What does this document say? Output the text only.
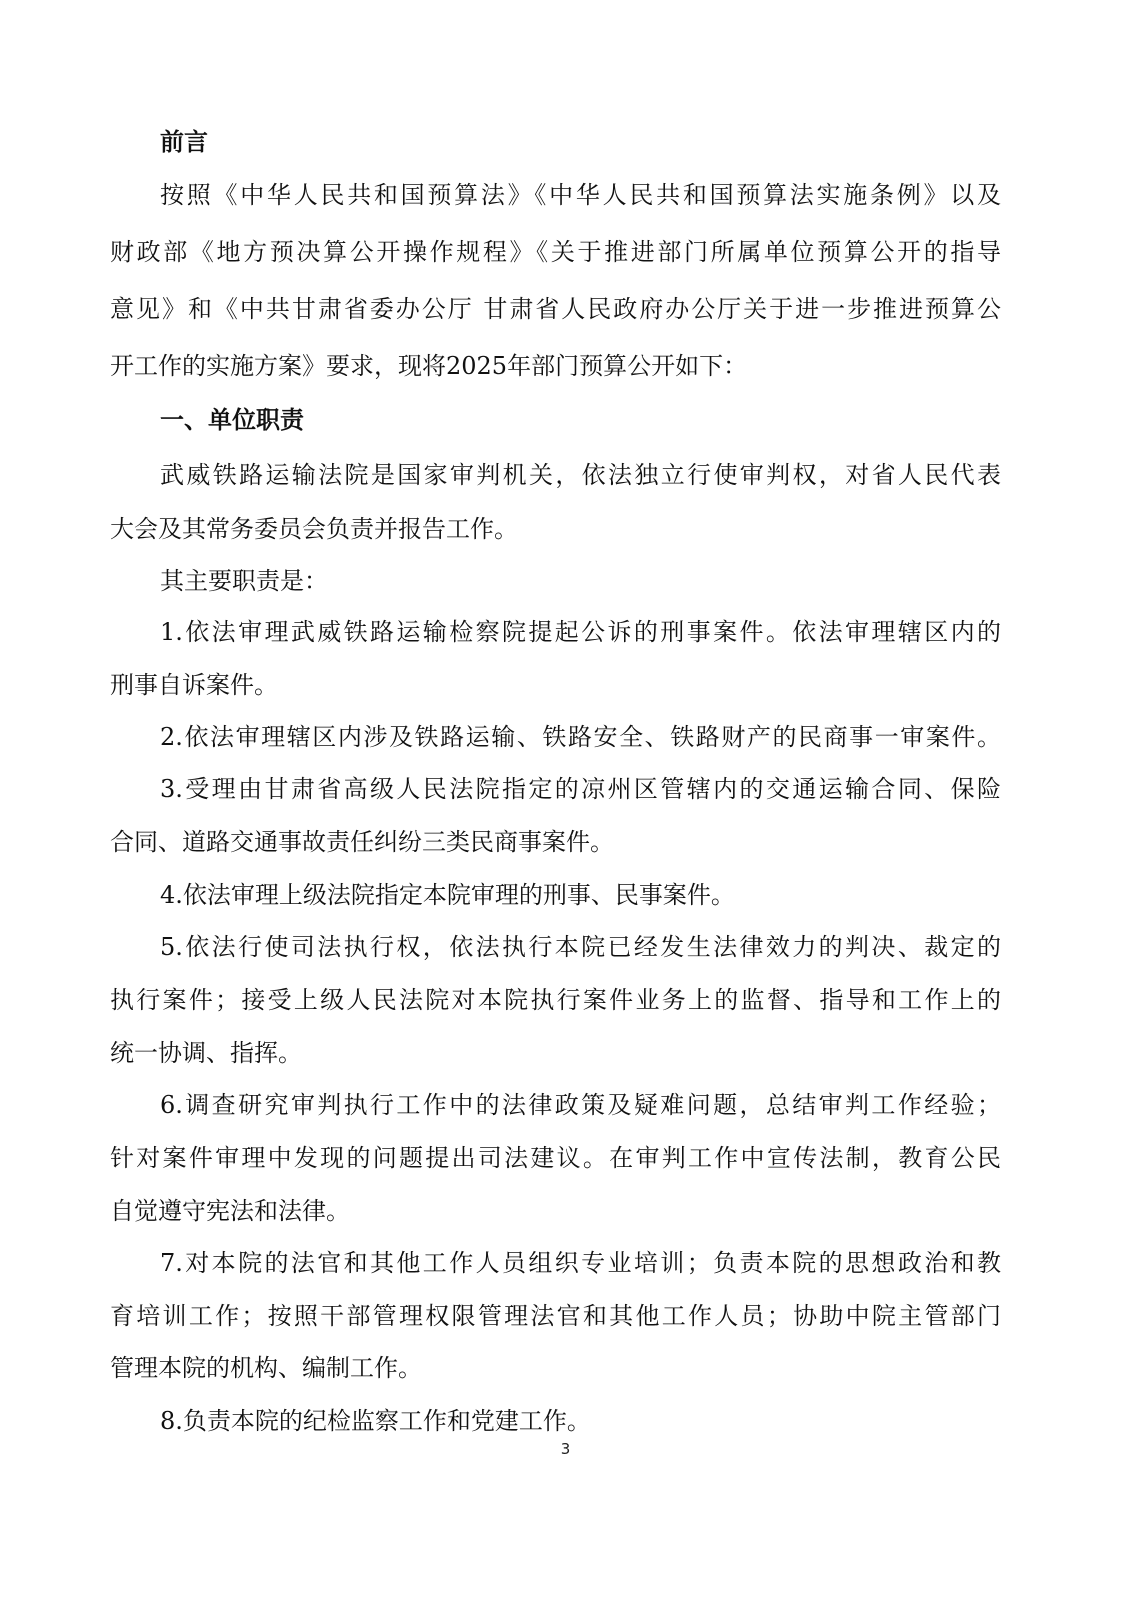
前言
按照《中华人民共和国预算法》《中华人民共和国预算法实施条例》以及
财政部《地方预决算公开操作规程》《关于推进部门所属单位预算公开的指导
意见》和《中共甘肃省委办公厅 甘肃省人民政府办公厅关于进一步推进预算公
开工作的实施方案》要求，现将2025年部门预算公开如下：
一、单位职责
武威铁路运输法院是国家审判机关，依法独立行使审判权，对省人民代表
大会及其常务委员会负责并报告工作。
其主要职责是：
1.依法审理武威铁路运输检察院提起公诉的刑事案件。依法审理辖区内的
刑事自诉案件。
2.依法审理辖区内涉及铁路运输、铁路安全、铁路财产的民商事一审案件。
3.受理由甘肃省高级人民法院指定的凉州区管辖内的交通运输合同、保险
合同、道路交通事故责任纠纷三类民商事案件。
4.依法审理上级法院指定本院审理的刑事、民事案件。
5.依法行使司法执行权，依法执行本院已经发生法律效力的判决、裁定的
执行案件；接受上级人民法院对本院执行案件业务上的监督、指导和工作上的
统一协调、指挥。
6.调查研究审判执行工作中的法律政策及疑难问题，总结审判工作经验；
针对案件审理中发现的问题提出司法建议。在审判工作中宣传法制，教育公民
自觉遵守宪法和法律。
7.对本院的法官和其他工作人员组织专业培训；负责本院的思想政治和教
育培训工作；按照干部管理权限管理法官和其他工作人员；协助中院主管部门
管理本院的机构、编制工作。
8.负责本院的纪检监察工作和党建工作。
3
